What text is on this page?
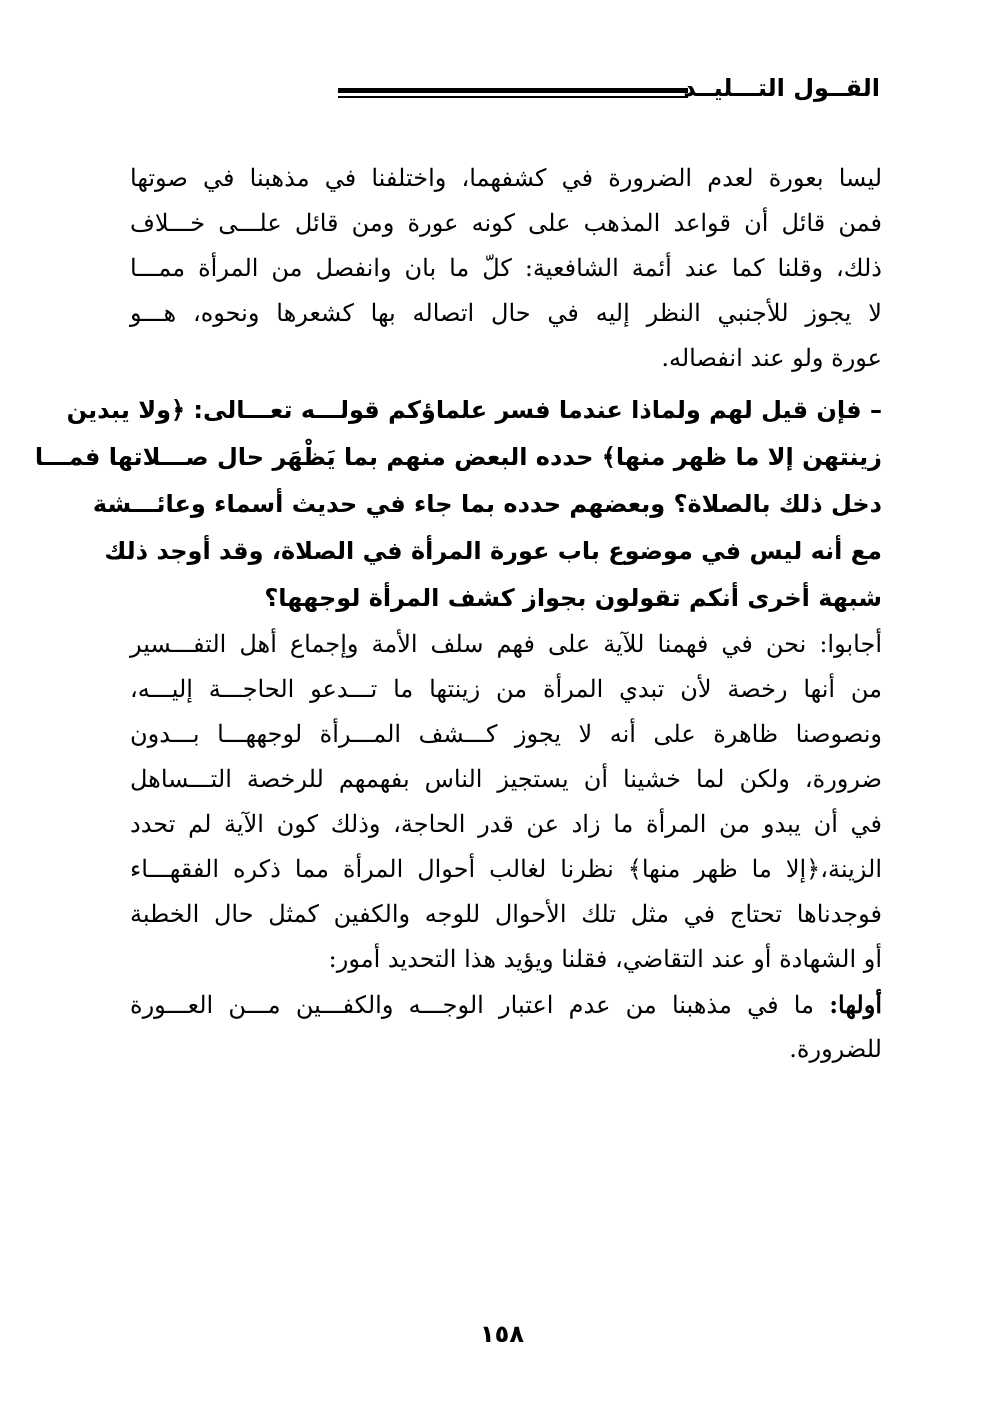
القــول التـــليــد
ليسا بعورة لعدم الضرورة في كشفهما، واختلفنا في مذهبنا في صوتها
فمن قائل أن قواعد المذهب على كونه عورة ومن قائل علـــى خـــلاف
ذلك، وقلنا كما عند أئمة الشافعية: كلّ ما بان وانفصل من المرأة ممـــا
لا يجوز للأجنبي النظر إليه في حال اتصاله بها كشعرها ونحوه، هـــو
عورة ولو عند انفصاله.
– فإن قيل لهم ولماذا عندما فسر علماؤكم قولـــه تعـــالى: ﴿ولا يبدين
زينتهن إلا ما ظهر منها﴾ حدده البعض منهم بما يَظْهَر حال صـــلاتها فمـــا
دخل ذلك بالصلاة؟ وبعضهم حدده بما جاء في حديث أسماء وعائـــشة
مع أنه ليس في موضوع باب عورة المرأة في الصلاة، وقد أوجد ذلك
شبهة أخرى أنكم تقولون بجواز كشف المرأة لوجهها؟
أجابوا: نحن في فهمنا للآية على فهم سلف الأمة وإجماع أهل التفـــسير
من أنها رخصة لأن تبدي المرأة من زينتها ما تـــدعو الحاجـــة إليـــه،
ونصوصنا ظاهرة على أنه لا يجوز كـــشف المـــرأة لوجههـــا بـــدون
ضرورة، ولكن لما خشينا أن يستجيز الناس بفهمهم للرخصة التـــساهل
في أن يبدو من المرأة ما زاد عن قدر الحاجة، وذلك كون الآية لم تحدد
الزينة،﴿إلا ما ظهر منها﴾ نظرنا لغالب أحوال المرأة مما ذكره الفقهـــاء
فوجدناها تحتاج في مثل تلك الأحوال للوجه والكفين كمثل حال الخطبة
أو الشهادة أو عند التقاضي، فقلنا ويؤيد هذا التحديد أمور:
أولها: ما في مذهبنا من عدم اعتبار الوجـــه والكفـــين مـــن العـــورة
للضرورة.
١٥٨
